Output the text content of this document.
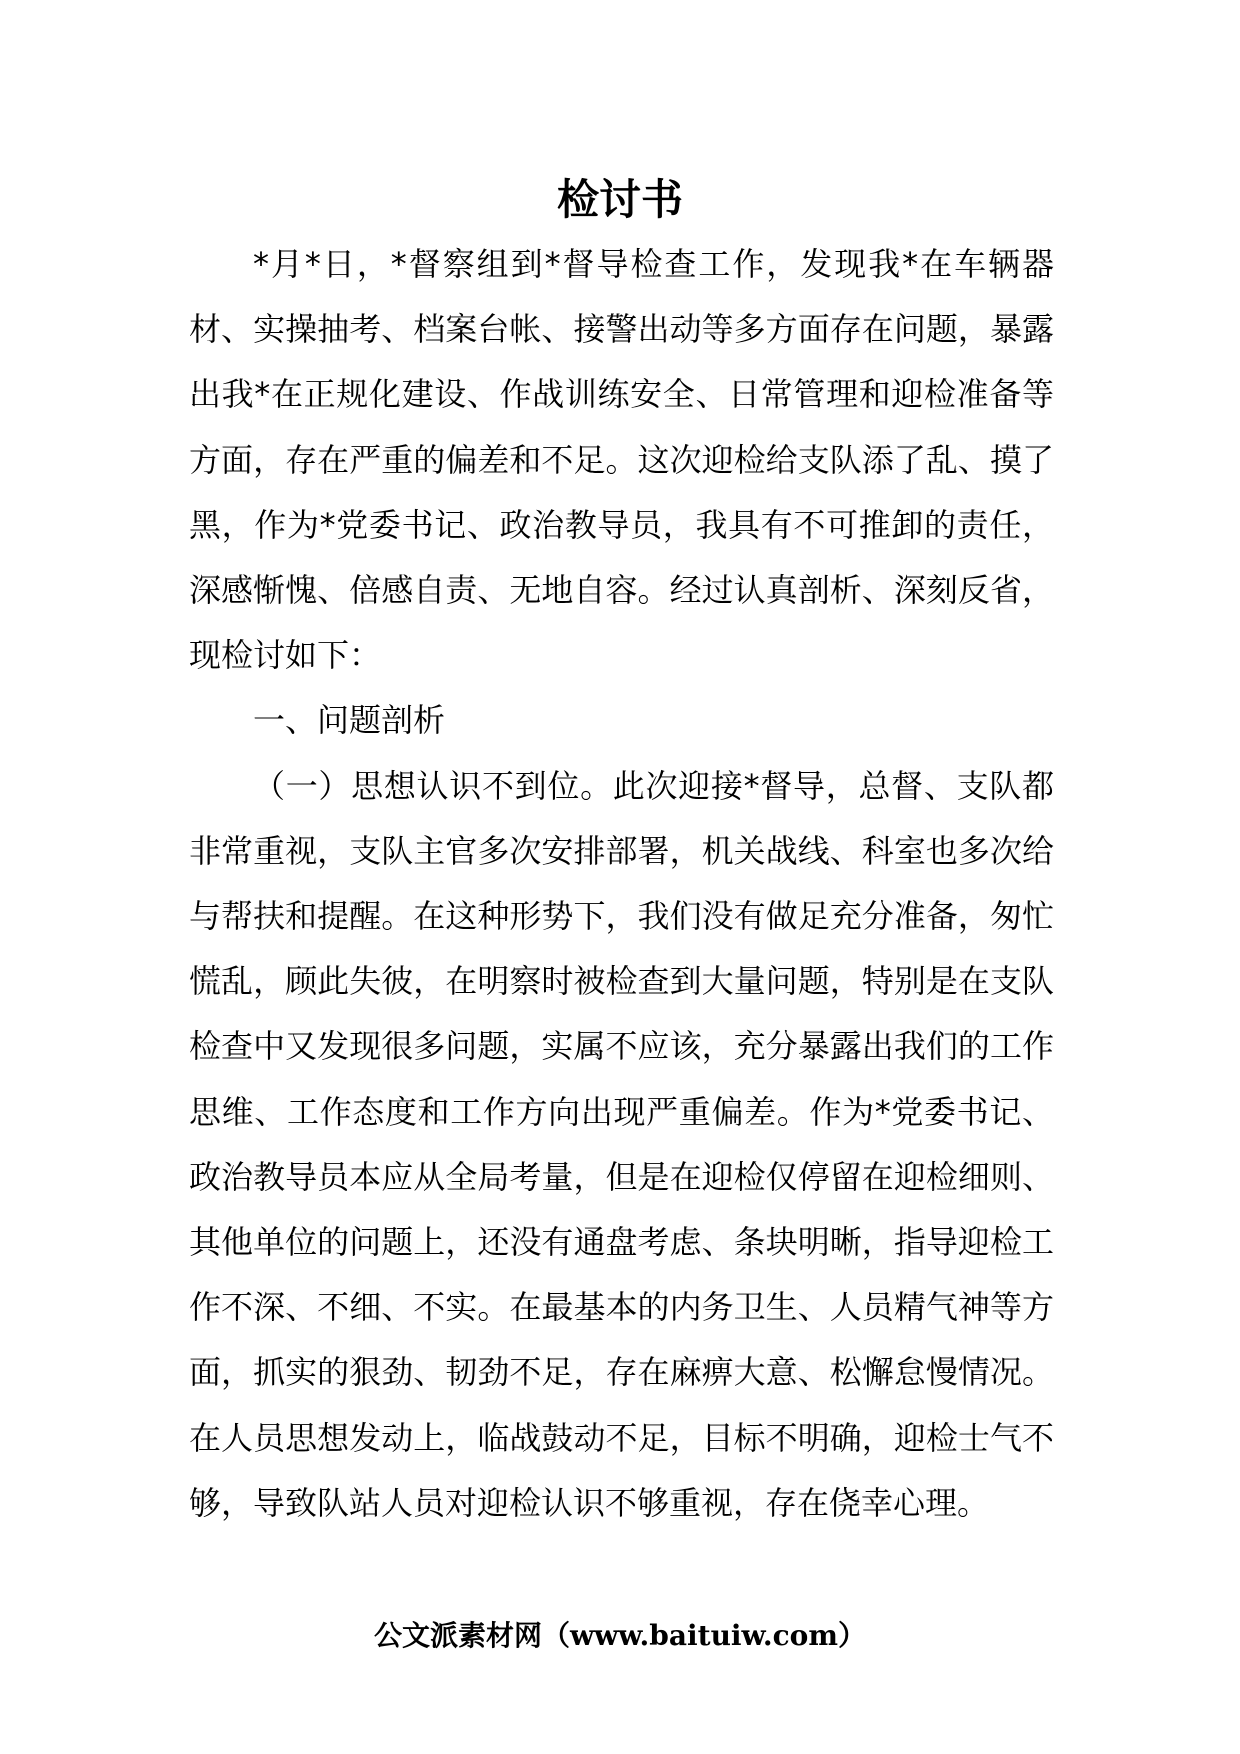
检讨书

*月*日，*督察组到*督导检查工作，发现我*在车辆器材、实操抽考、档案台帐、接警出动等多方面存在问题，暴露出我*在正规化建设、作战训练安全、日常管理和迎检准备等方面，存在严重的偏差和不足。这次迎检给支队添了乱、摸了黑，作为*党委书记、政治教导员，我具有不可推卸的责任，深感惭愧、倍感自责、无地自容。经过认真剖析、深刻反省，现检讨如下：

一、问题剖析

（一）思想认识不到位。此次迎接*督导，总督、支队都非常重视，支队主官多次安排部署，机关战线、科室也多次给与帮扶和提醒。在这种形势下，我们没有做足充分准备，匆忙慌乱，顾此失彼，在明察时被检查到大量问题，特别是在支队检查中又发现很多问题，实属不应该，充分暴露出我们的工作思维、工作态度和工作方向出现严重偏差。作为*党委书记、政治教导员本应从全局考量，但是在迎检仅停留在迎检细则、其他单位的问题上，还没有通盘考虑、条块明晰，指导迎检工作不深、不细、不实。在最基本的内务卫生、人员精气神等方面，抓实的狠劲、韧劲不足，存在麻痹大意、松懈怠慢情况。在人员思想发动上，临战鼓动不足，目标不明确，迎检士气不够，导致队站人员对迎检认识不够重视，存在侥幸心理。

公文派素材网（www.baituiw.com）
